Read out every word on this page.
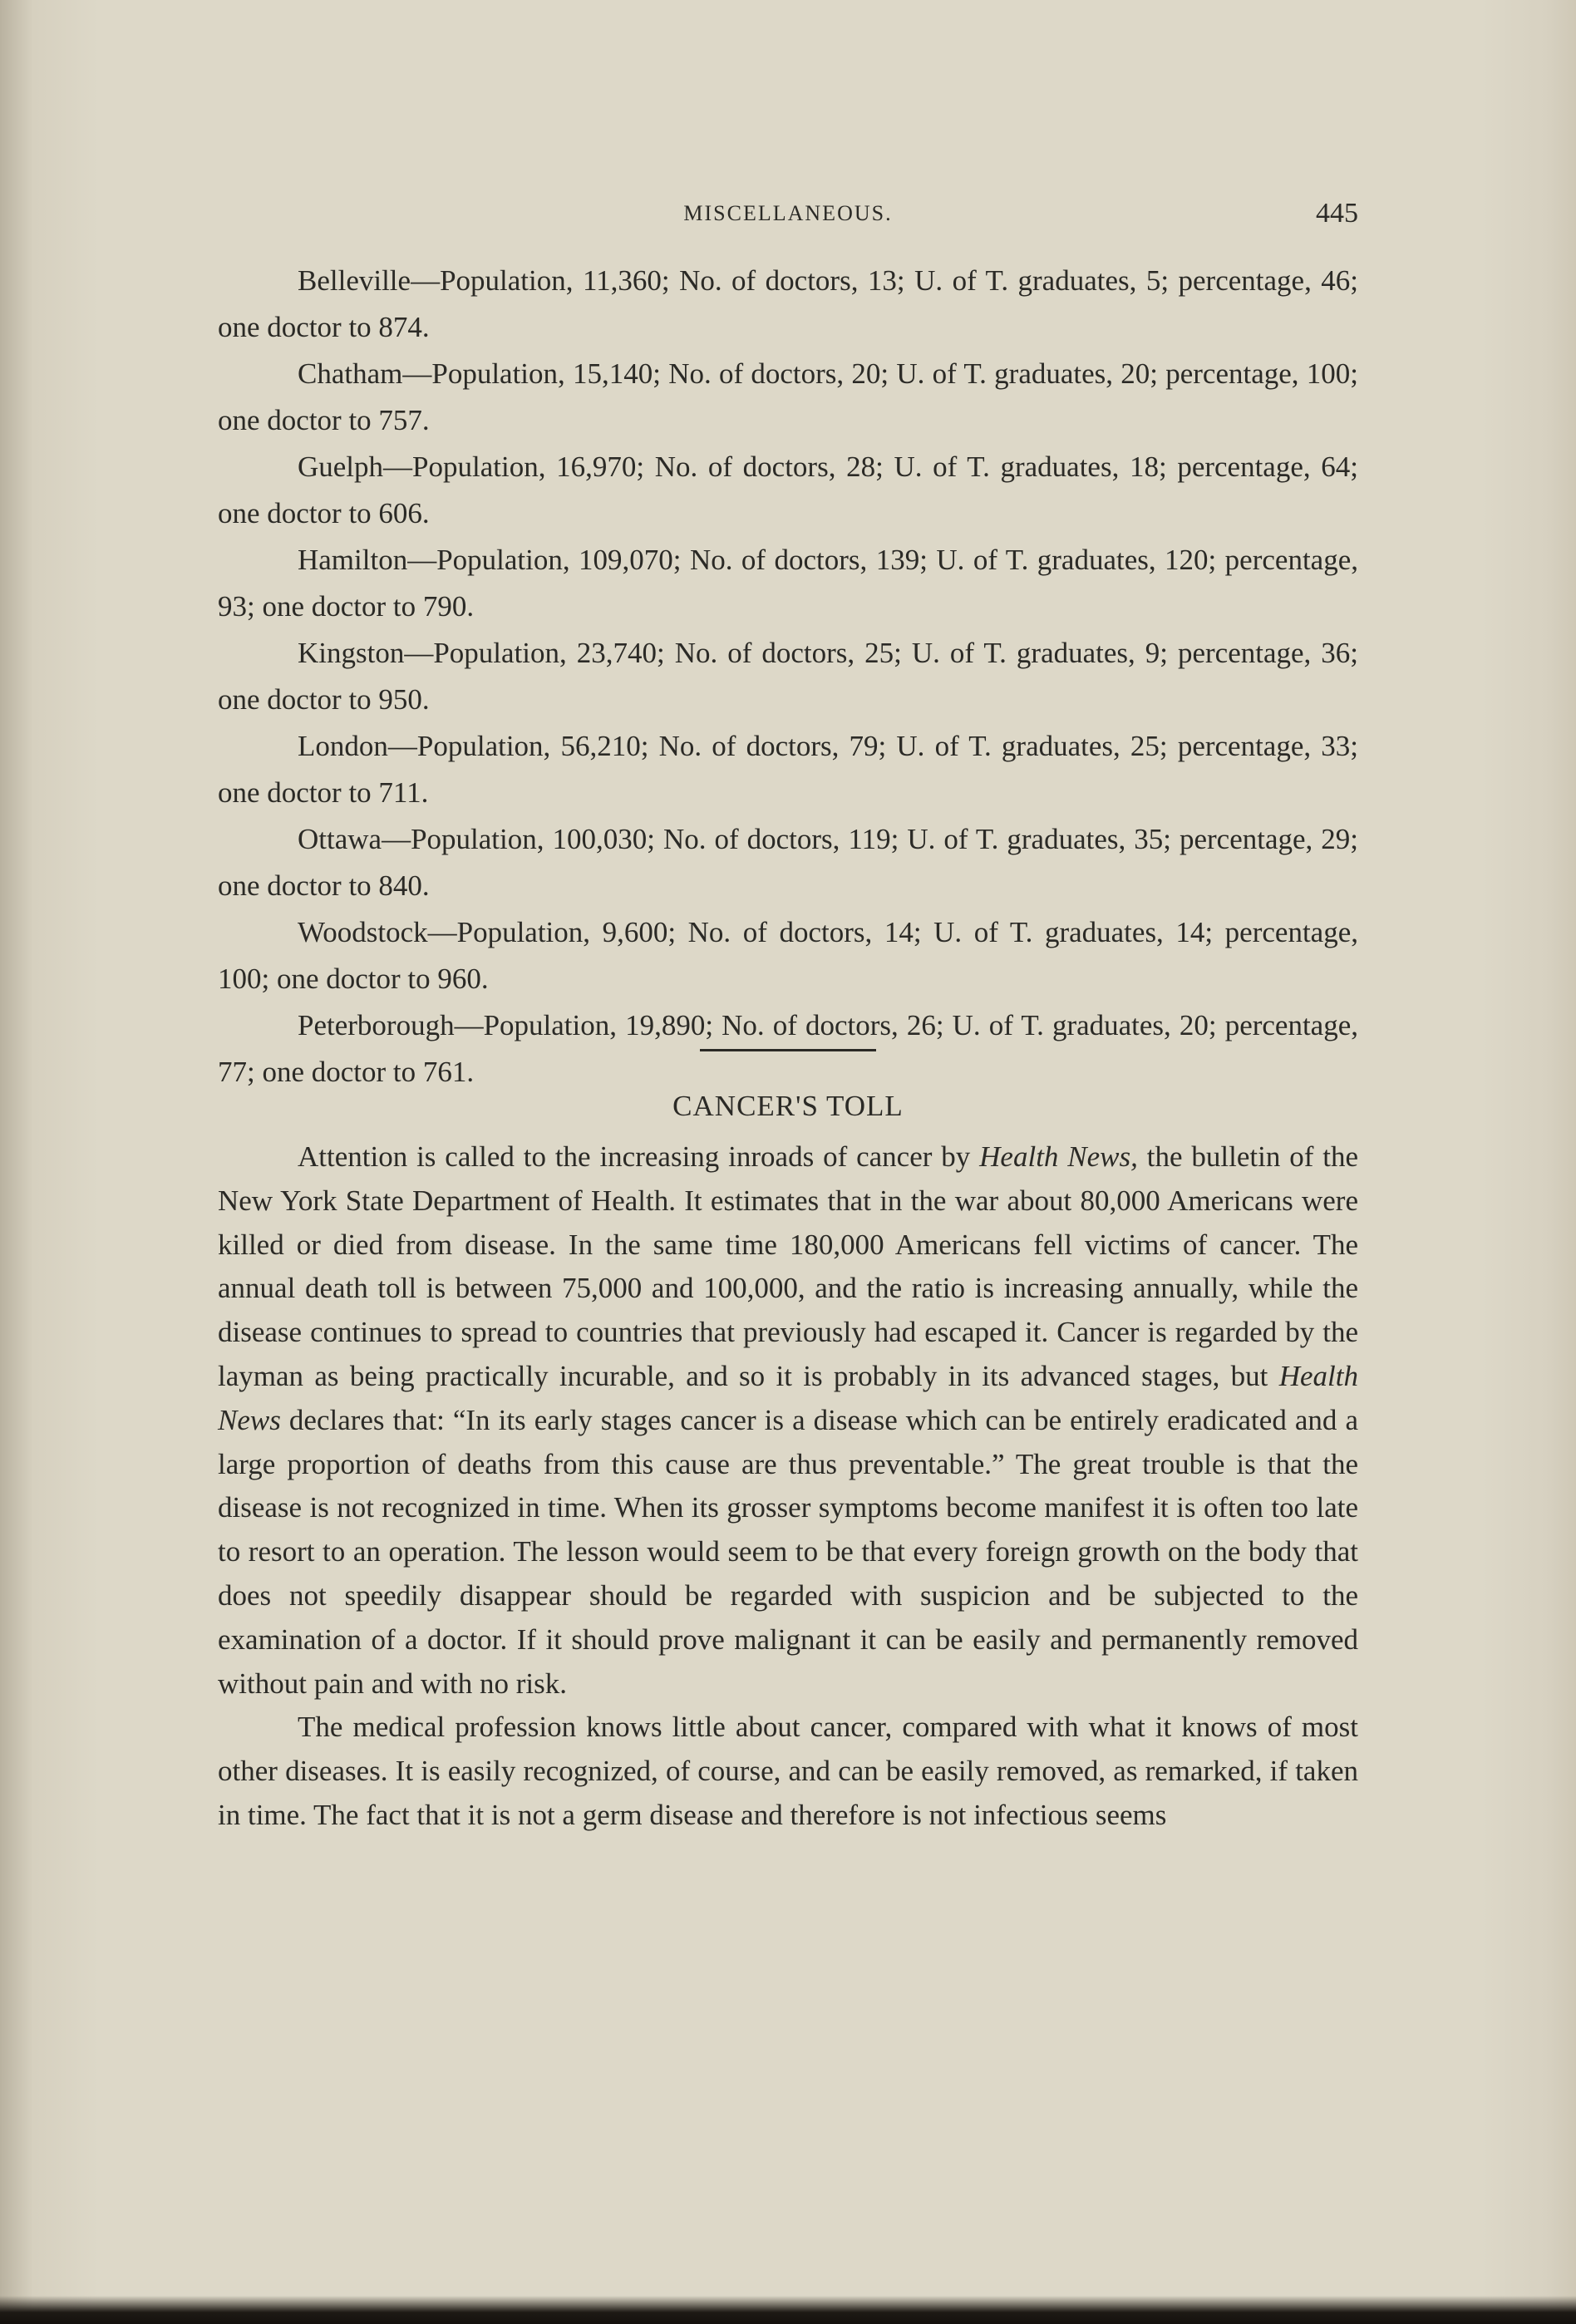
MISCELLANEOUS.	445

Belleville—Population, 11,360; No. of doctors, 13; U. of T. graduates, 5; percentage, 46; one doctor to 874.

Chatham—Population, 15,140; No. of doctors, 20; U. of T. graduates, 20; percentage, 100; one doctor to 757.

Guelph—Population, 16,970; No. of doctors, 28; U. of T. graduates, 18; percentage, 64; one doctor to 606.

Hamilton—Population, 109,070; No. of doctors, 139; U. of T. graduates, 120; percentage, 93; one doctor to 790.

Kingston—Population, 23,740; No. of doctors, 25; U. of T. graduates, 9; percentage, 36; one doctor to 950.

London—Population, 56,210; No. of doctors, 79; U. of T. graduates, 25; percentage, 33; one doctor to 711.

Ottawa—Population, 100,030; No. of doctors, 119; U. of T. graduates, 35; percentage, 29; one doctor to 840.

Woodstock—Population, 9,600; No. of doctors, 14; U. of T. graduates, 14; percentage, 100; one doctor to 960.

Peterborough—Population, 19,890; No. of doctors, 26; U. of T. graduates, 20; percentage, 77; one doctor to 761.

CANCER'S TOLL

Attention is called to the increasing inroads of cancer by Health News, the bulletin of the New York State Department of Health. It estimates that in the war about 80,000 Americans were killed or died from disease. In the same time 180,000 Americans fell victims of cancer. The annual death toll is between 75,000 and 100,000, and the ratio is increasing annually, while the disease continues to spread to countries that previously had escaped it. Cancer is regarded by the layman as being practically incurable, and so it is probably in its advanced stages, but Health News declares that: “In its early stages cancer is a disease which can be entirely eradicated and a large proportion of deaths from this cause are thus preventable.” The great trouble is that the disease is not recognized in time. When its grosser symptoms become manifest it is often too late to resort to an operation. The lesson would seem to be that every foreign growth on the body that does not speedily disappear should be regarded with suspicion and be subjected to the examination of a doctor. If it should prove malignant it can be easily and permanently removed without pain and with no risk.

The medical profession knows little about cancer, compared with what it knows of most other diseases. It is easily recognized, of course, and can be easily removed, as remarked, if taken in time. The fact that it is not a germ disease and therefore is not infectious seems
